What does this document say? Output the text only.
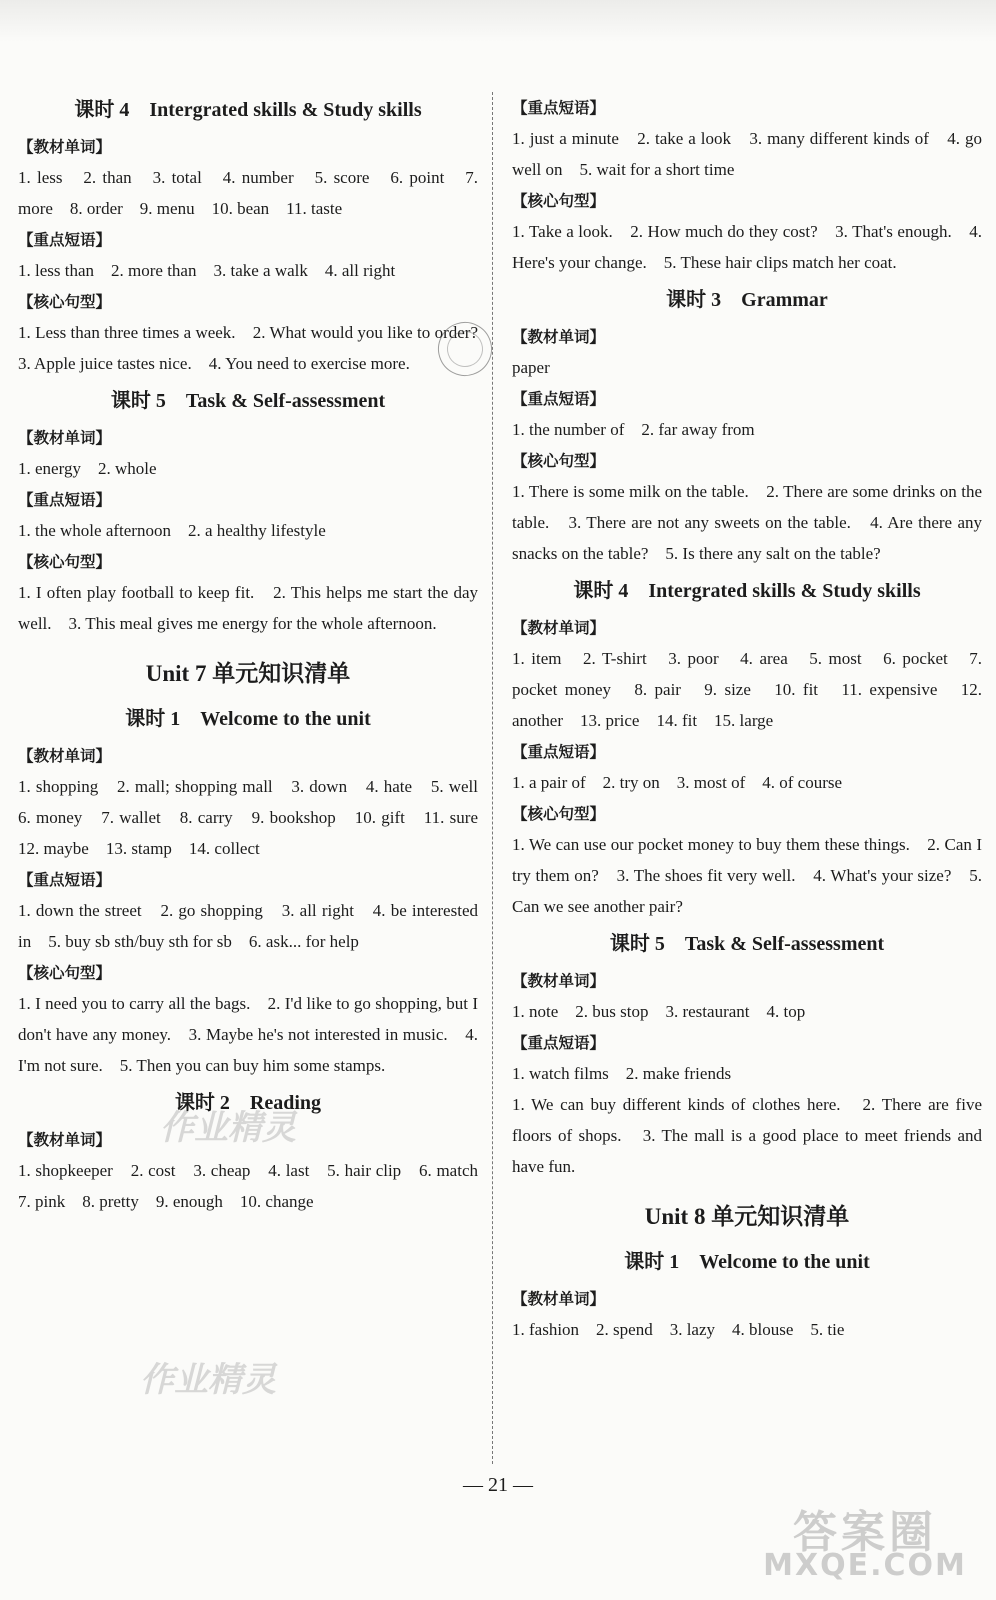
课时 4　Intergrated skills & Study skills
【教材单词】
1. less　2. than　3. total　4. number　5. score　6. point　7. more　8. order　9. menu　10. bean　11. taste
【重点短语】
1. less than　2. more than　3. take a walk　4. all right
【核心句型】
1. Less than three times a week.　2. What would you like to order?　3. Apple juice tastes nice.　4. You need to exercise more.
课时 5　Task & Self-assessment
【教材单词】
1. energy　2. whole
【重点短语】
1. the whole afternoon　2. a healthy lifestyle
【核心句型】
1. I often play football to keep fit.　2. This helps me start the day well.　3. This meal gives me energy for the whole afternoon.
Unit 7 单元知识清单
课时 1　Welcome to the unit
【教材单词】
1. shopping　2. mall; shopping mall　3. down　4. hate　5. well　6. money　7. wallet　8. carry　9. bookshop　10. gift　11. sure　12. maybe　13. stamp　14. collect
【重点短语】
1. down the street　2. go shopping　3. all right　4. be interested in　5. buy sb sth/buy sth for sb　6. ask... for help
【核心句型】
1. I need you to carry all the bags.　2. I'd like to go shopping, but I don't have any money.　3. Maybe he's not interested in music.　4. I'm not sure.　5. Then you can buy him some stamps.
课时 2　Reading
【教材单词】
1. shopkeeper　2. cost　3. cheap　4. last　5. hair clip　6. match　7. pink　8. pretty　9. enough　10. change
【重点短语】
1. just a minute　2. take a look　3. many different kinds of　4. go well on　5. wait for a short time
【核心句型】
1. Take a look.　2. How much do they cost?　3. That's enough.　4. Here's your change.　5. These hair clips match her coat.
课时 3　Grammar
【教材单词】
paper
【重点短语】
1. the number of　2. far away from
【核心句型】
1. There is some milk on the table.　2. There are some drinks on the table.　3. There are not any sweets on the table.　4. Are there any snacks on the table?　5. Is there any salt on the table?
课时 4　Intergrated skills & Study skills
【教材单词】
1. item　2. T-shirt　3. poor　4. area　5. most　6. pocket　7. pocket money　8. pair　9. size　10. fit　11. expensive　12. another　13. price　14. fit　15. large
【重点短语】
1. a pair of　2. try on　3. most of　4. of course
【核心句型】
1. We can use our pocket money to buy them these things.　2. Can I try them on?　3. The shoes fit very well.　4. What's your size?　5. Can we see another pair?
课时 5　Task & Self-assessment
【教材单词】
1. note　2. bus stop　3. restaurant　4. top
【重点短语】
1. watch films　2. make friends
1. We can buy different kinds of clothes here.　2. There are five floors of shops.　3. The mall is a good place to meet friends and have fun.
Unit 8 单元知识清单
课时 1　Welcome to the unit
【教材单词】
1. fashion　2. spend　3. lazy　4. blouse　5. tie
作业精灵
作业精灵
— 21 —
答案圈
MXQE.COM
